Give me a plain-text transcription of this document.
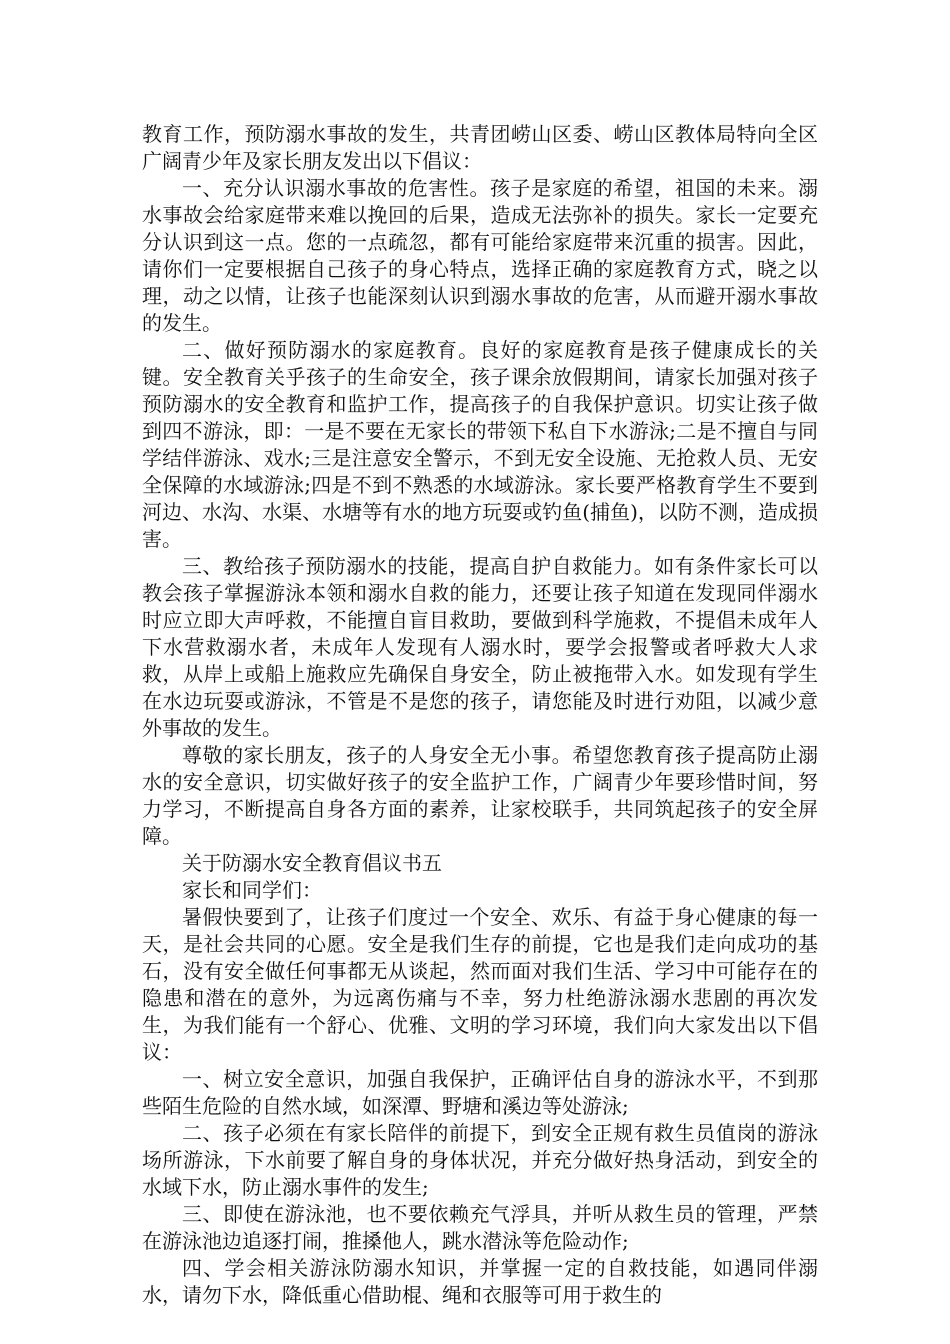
教育工作，预防溺水事故的发生，共青团崂山区委、崂山区教体局特向全区广阔青少年及家长朋友发出以下倡议：

一、充分认识溺水事故的危害性。孩子是家庭的希望，祖国的未来。溺水事故会给家庭带来难以挽回的后果，造成无法弥补的损失。家长一定要充分认识到这一点。您的一点疏忽，都有可能给家庭带来沉重的损害。因此，请你们一定要根据自己孩子的身心特点，选择正确的家庭教育方式，晓之以理，动之以情，让孩子也能深刻认识到溺水事故的危害，从而避开溺水事故的发生。

二、做好预防溺水的家庭教育。良好的家庭教育是孩子健康成长的关键。安全教育关乎孩子的生命安全，孩子课余放假期间，请家长加强对孩子预防溺水的安全教育和监护工作，提高孩子的自我保护意识。切实让孩子做到四不游泳，即：一是不要在无家长的带领下私自下水游泳;二是不擅自与同学结伴游泳、戏水;三是注意安全警示，不到无安全设施、无抢救人员、无安全保障的水域游泳;四是不到不熟悉的水域游泳。家长要严格教育学生不要到河边、水沟、水渠、水塘等有水的地方玩耍或钓鱼(捕鱼)，以防不测，造成损害。

三、教给孩子预防溺水的技能，提高自护自救能力。如有条件家长可以教会孩子掌握游泳本领和溺水自救的能力，还要让孩子知道在发现同伴溺水时应立即大声呼救，不能擅自盲目救助，要做到科学施救，不提倡未成年人下水营救溺水者，未成年人发现有人溺水时，要学会报警或者呼救大人求救，从岸上或船上施救应先确保自身安全，防止被拖带入水。如发现有学生在水边玩耍或游泳，不管是不是您的孩子，请您能及时进行劝阻，以减少意外事故的发生。

尊敬的家长朋友，孩子的人身安全无小事。希望您教育孩子提高防止溺水的安全意识，切实做好孩子的安全监护工作，广阔青少年要珍惜时间，努力学习，不断提高自身各方面的素养，让家校联手，共同筑起孩子的安全屏障。

关于防溺水安全教育倡议书五

家长和同学们：

暑假快要到了，让孩子们度过一个安全、欢乐、有益于身心健康的每一天，是社会共同的心愿。安全是我们生存的前提，它也是我们走向成功的基石，没有安全做任何事都无从谈起，然而面对我们生活、学习中可能存在的隐患和潜在的意外，为远离伤痛与不幸，努力杜绝游泳溺水悲剧的再次发生，为我们能有一个舒心、优雅、文明的学习环境，我们向大家发出以下倡议：

一、树立安全意识，加强自我保护，正确评估自身的游泳水平，不到那些陌生危险的自然水域，如深潭、野塘和溪边等处游泳;

二、孩子必须在有家长陪伴的前提下，到安全正规有救生员值岗的游泳场所游泳，下水前要了解自身的身体状况，并充分做好热身活动，到安全的水域下水，防止溺水事件的发生;

三、即使在游泳池，也不要依赖充气浮具，并听从救生员的管理，严禁在游泳池边追逐打闹，推搡他人，跳水潜泳等危险动作;

四、学会相关游泳防溺水知识，并掌握一定的自救技能，如遇同伴溺水，请勿下水，降低重心借助棍、绳和衣服等可用于救生的
